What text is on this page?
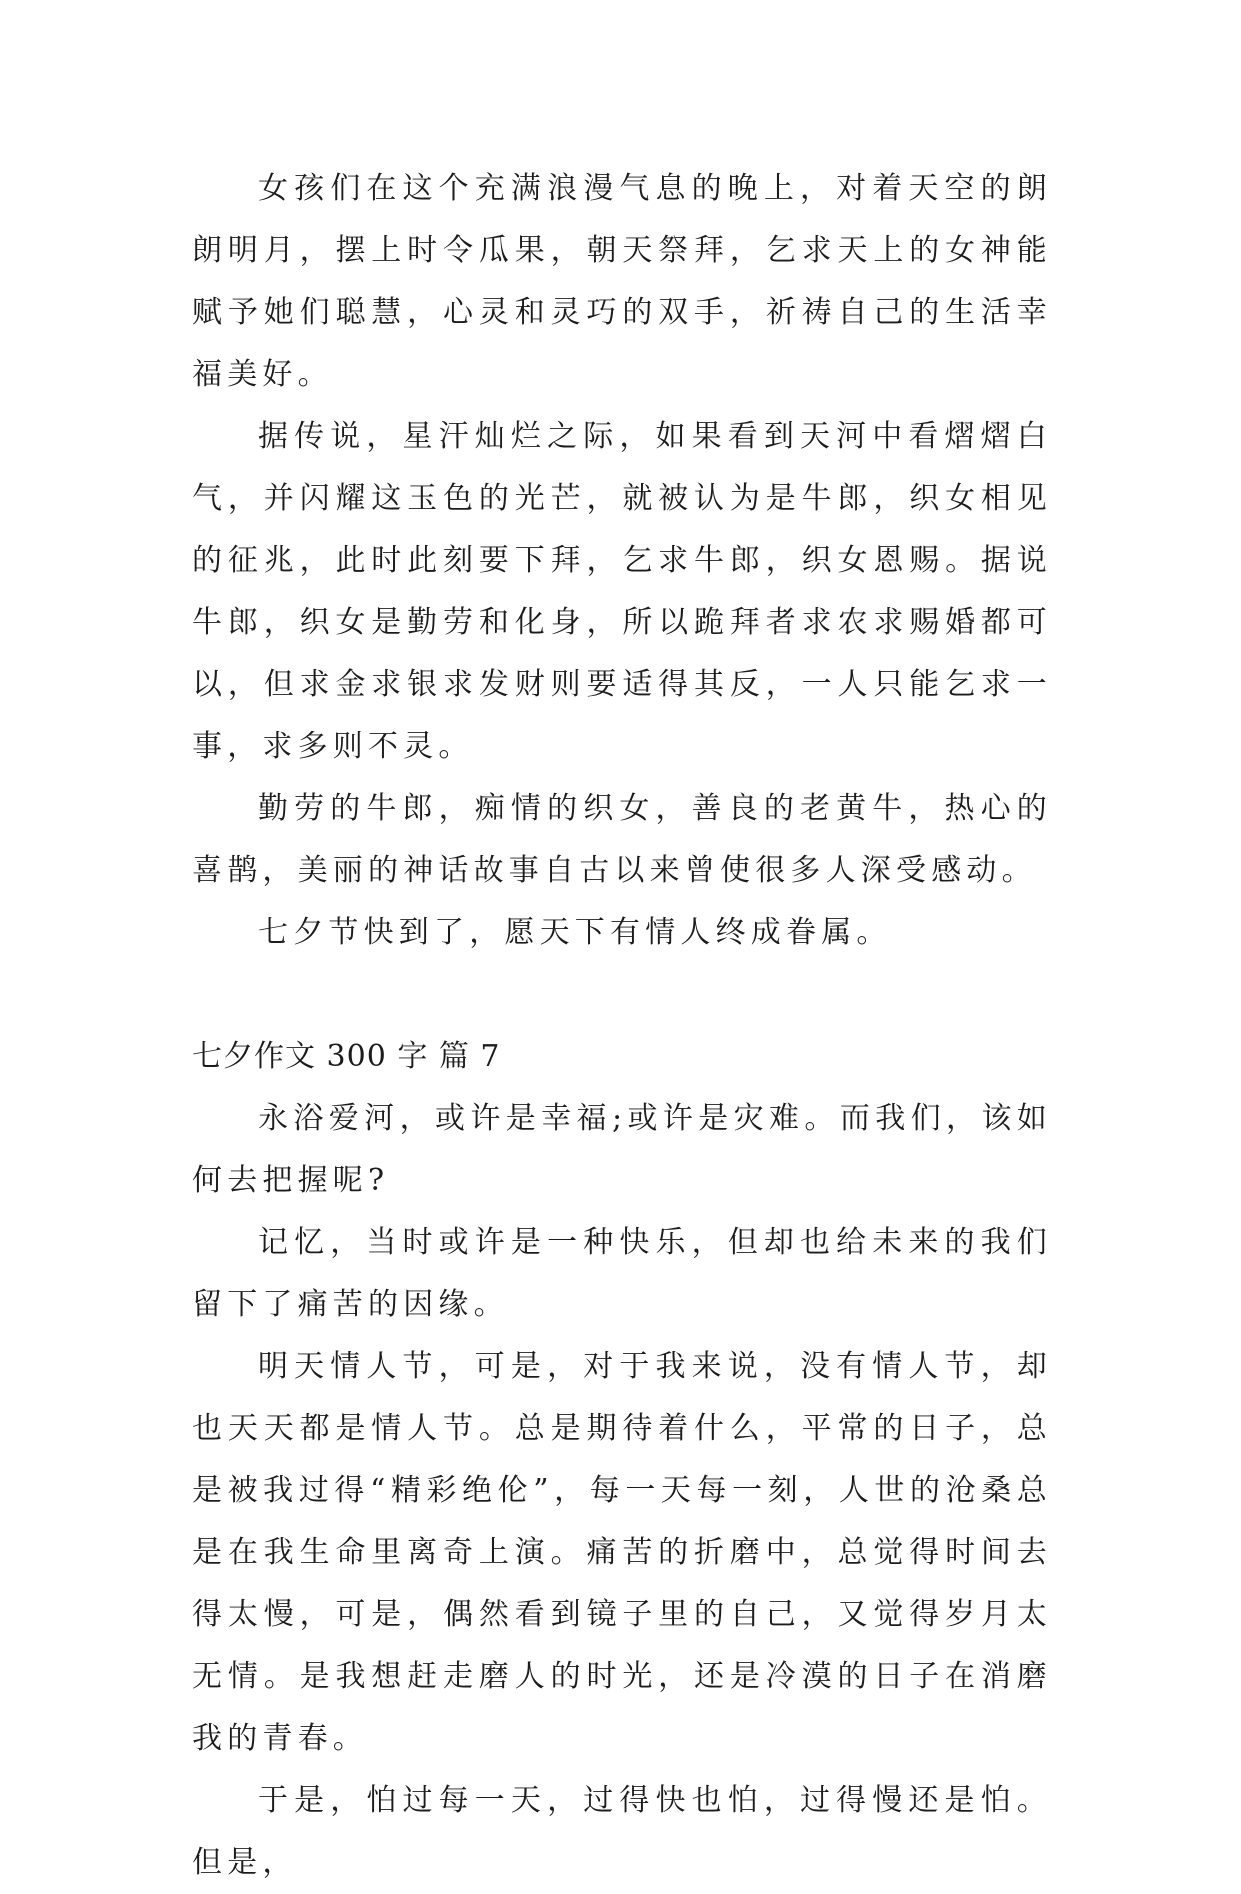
女孩们在这个充满浪漫气息的晚上，对着天空的朗朗明月，摆上时令瓜果，朝天祭拜，乞求天上的女神能赋予她们聪慧，心灵和灵巧的双手，祈祷自己的生活幸福美好。

据传说，星汗灿烂之际，如果看到天河中看熠熠白气，并闪耀这玉色的光芒，就被认为是牛郎，织女相见的征兆，此时此刻要下拜，乞求牛郎，织女恩赐。据说牛郎，织女是勤劳和化身，所以跪拜者求农求赐婚都可以，但求金求银求发财则要适得其反，一人只能乞求一事，求多则不灵。

勤劳的牛郎，痴情的织女，善良的老黄牛，热心的喜鹊，美丽的神话故事自古以来曾使很多人深受感动。

七夕节快到了，愿天下有情人终成眷属。

七夕作文 300 字 篇 7

永浴爱河，或许是幸福;或许是灾难。而我们，该如何去把握呢?

记忆，当时或许是一种快乐，但却也给未来的我们留下了痛苦的因缘。

明天情人节，可是，对于我来说，没有情人节，却也天天都是情人节。总是期待着什么，平常的日子，总是被我过得“精彩绝伦”，每一天每一刻，人世的沧桑总是在我生命里离奇上演。痛苦的折磨中，总觉得时间去得太慢，可是，偶然看到镜子里的自己，又觉得岁月太无情。是我想赶走磨人的时光，还是冷漠的日子在消磨我的青春。

于是，怕过每一天，过得快也怕，过得慢还是怕。但是，
